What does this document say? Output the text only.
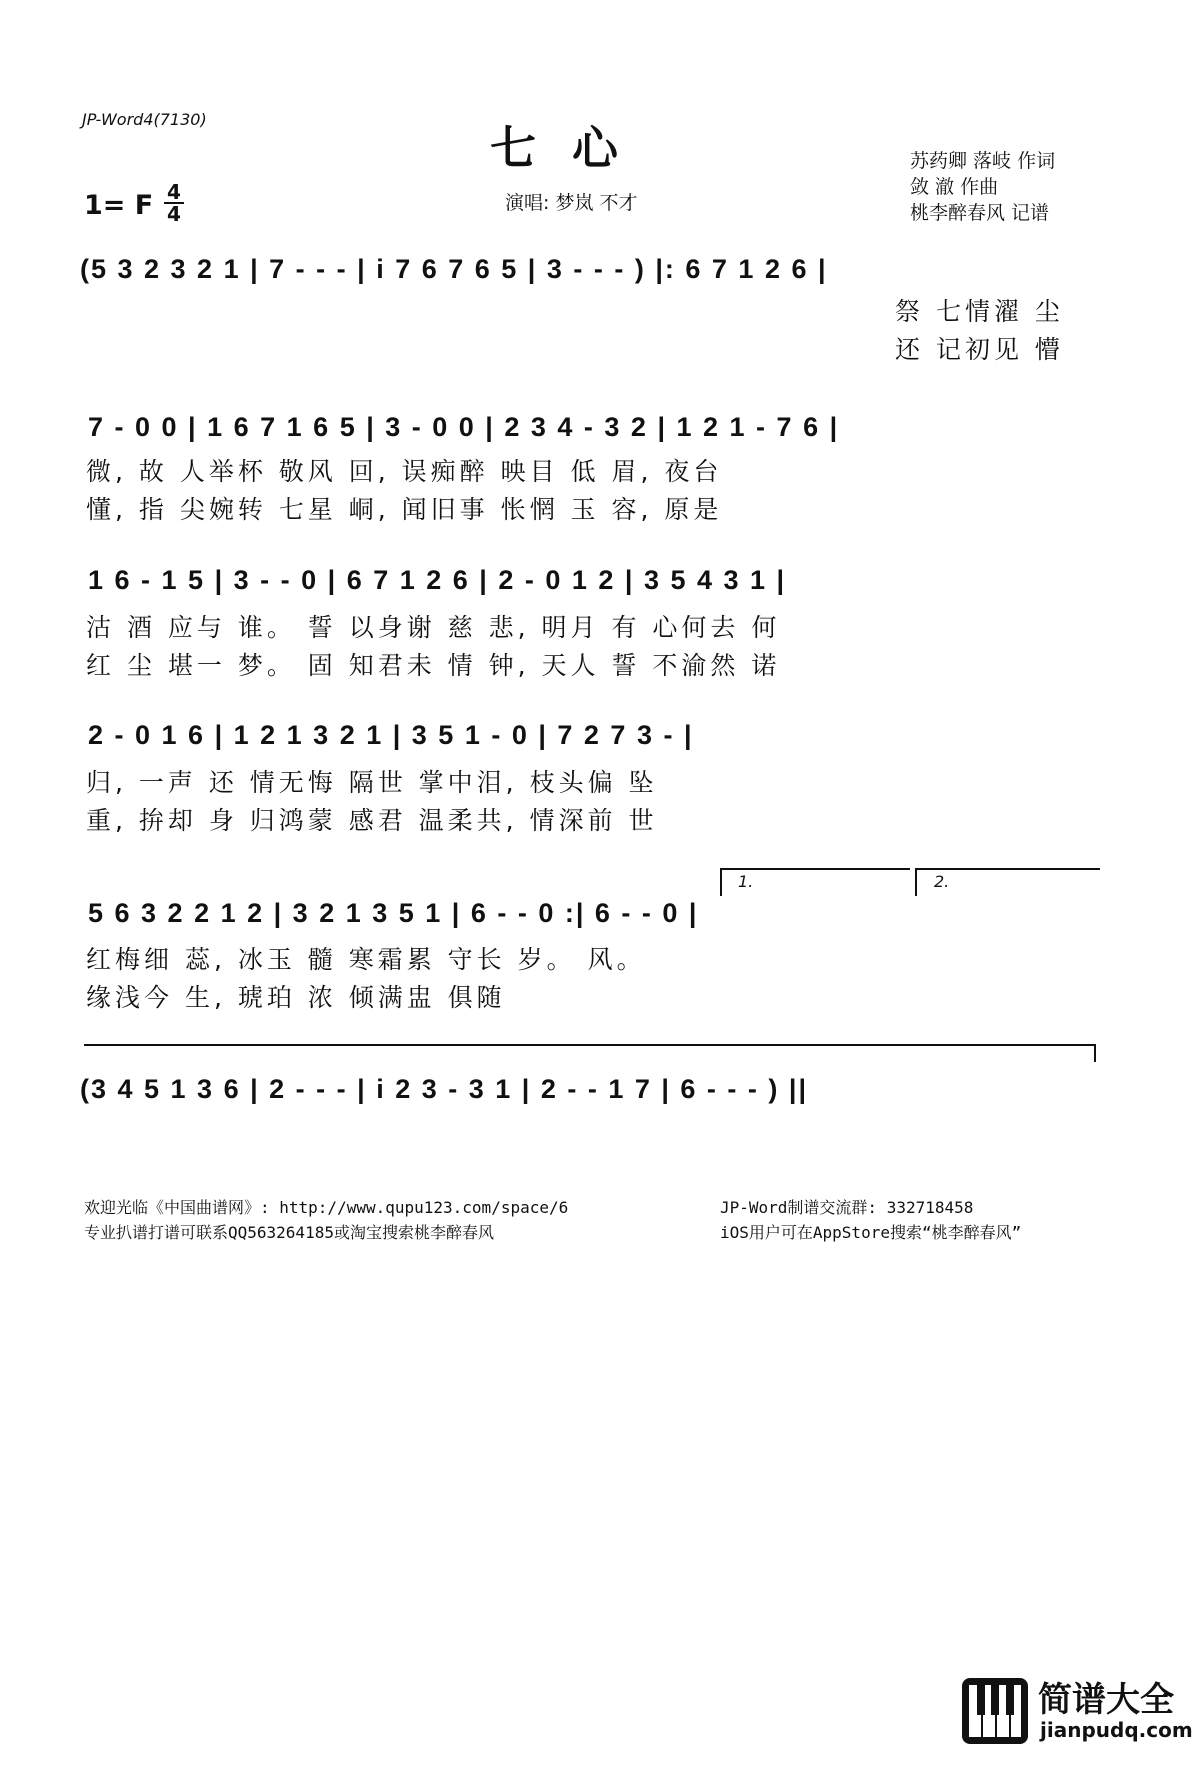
JP-Word4(7130)
七 心
1= F 4
4	演唱: 梦岚 不才
苏药卿 落岐 作词
敛 澈 作曲
桃李醉春风 记谱
(5 3 2 3 2 1 | 7 - - - | i 7 6 7 6 5 | 3 - - - ) |: 6 7 1 2 6 |
祭 七情濯 尘
还 记初见 懵
7 - 0 0 | 1 6 7 1 6 5 | 3 - 0 0 | 2 3 4 - 3 2 | 1 2 1 - 7 6 |
微, 故 人举杯 敬风 回, 误痴醉 映目 低 眉, 夜台
懂, 指 尖婉转 七星 峒, 闻旧事 怅惘 玉 容, 原是
1 6 - 1 5 | 3 - - 0 | 6 7 1 2 6 | 2 - 0 1 2 | 3 5 4 3 1 |
沽 酒 应与 谁。 誓 以身谢 慈 悲, 明月 有 心何去 何
红 尘 堪一 梦。 固 知君未 情 钟, 天人 誓 不渝然 诺
2 - 0 1 6 | 1 2 1 3 2 1 | 3 5 1 - 0 | 7 2 7 3 - |
归, 一声 还 情无悔 隔世 掌中泪, 枝头偏 坠
重, 拚却 身 归鸿蒙 感君 温柔共, 情深前 世
1.	2.
5 6 3 2 2 1 2 | 3 2 1 3 5 1 | 6 - - 0 :| 6 - - 0 |
红梅细 蕊, 冰玉 髓 寒霜累 守长 岁。 风。
缘浅今 生, 琥珀 浓 倾满盅 俱随
(3 4 5 1 3 6 | 2 - - - | i 2 3 - 3 1 | 2 - - 1 7 | 6 - - - ) ||
欢迎光临《中国曲谱网》: http://www.qupu123.com/space/6
专业扒谱打谱可联系QQ563264185或淘宝搜索桃李醉春风
JP-Word制谱交流群: 332718458
iOS用户可在AppStore搜索“桃李醉春风”
简谱大全
jianpudq.com
